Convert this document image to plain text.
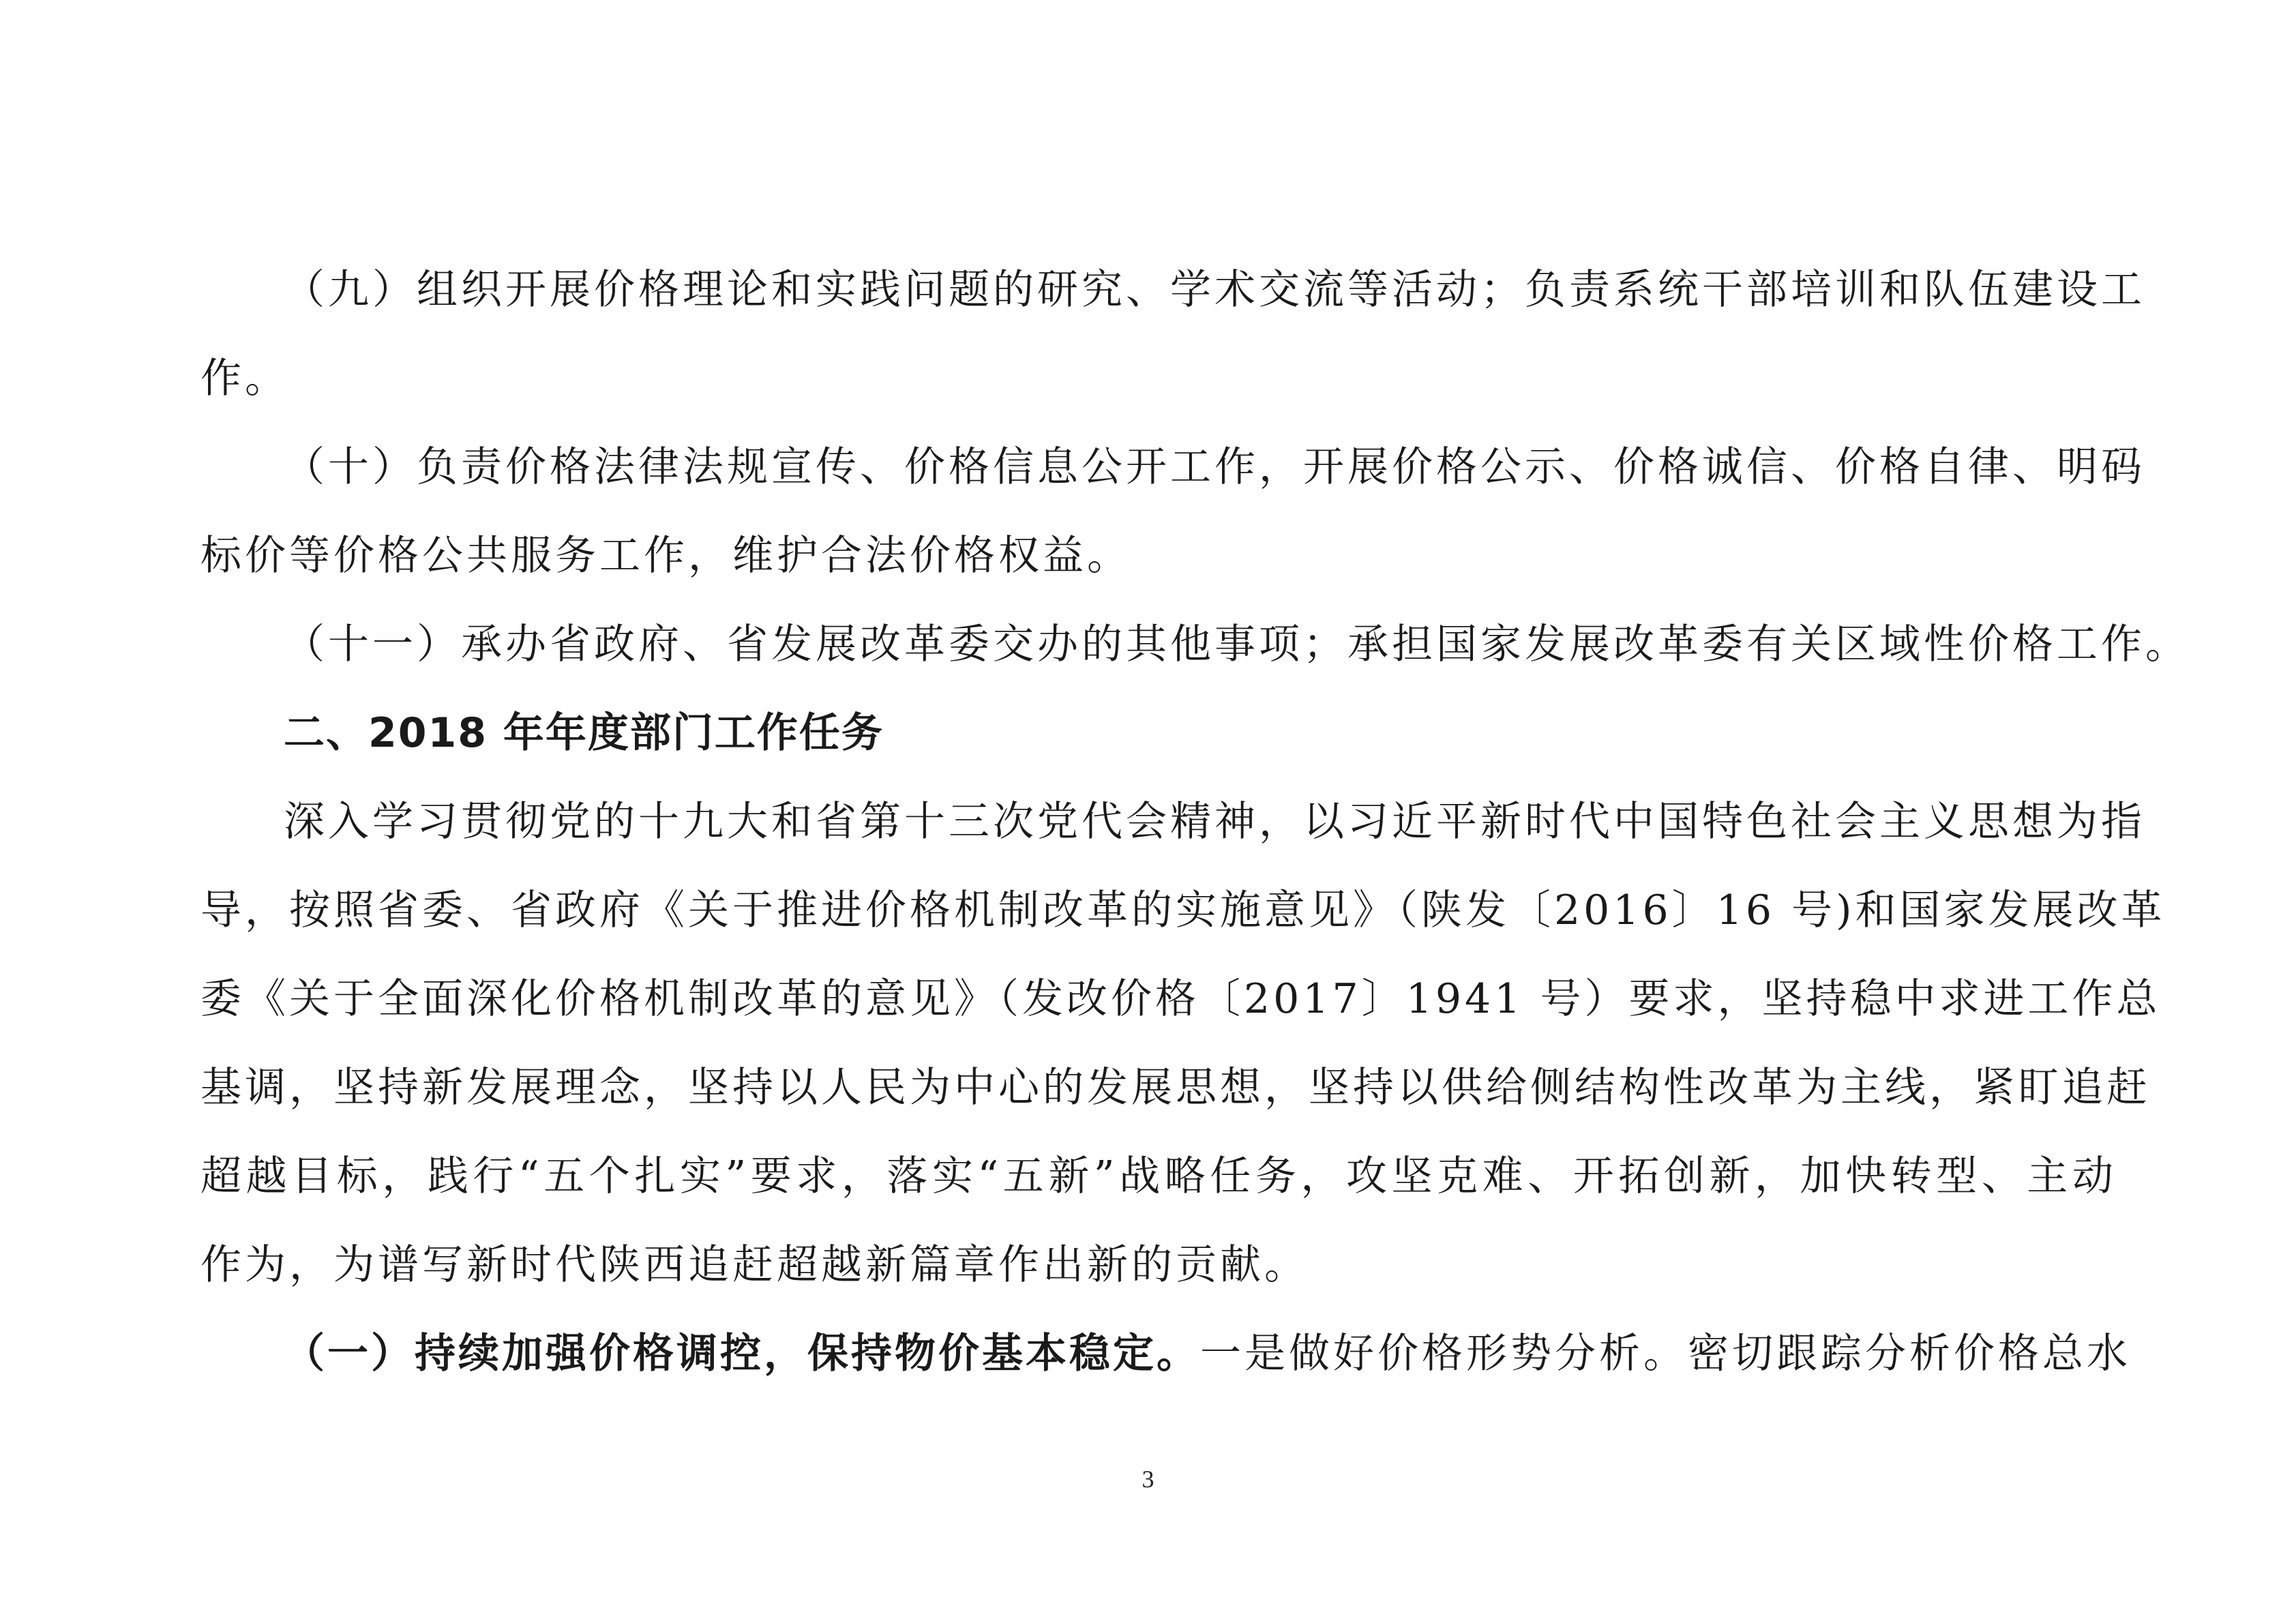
（九）组织开展价格理论和实践问题的研究、学术交流等活动；负责系统干部培训和队伍建设工
作。
（十）负责价格法律法规宣传、价格信息公开工作，开展价格公示、价格诚信、价格自律、明码
标价等价格公共服务工作，维护合法价格权益。
（十一）承办省政府、省发展改革委交办的其他事项；承担国家发展改革委有关区域性价格工作。
二、2018 年年度部门工作任务
深入学习贯彻党的十九大和省第十三次党代会精神，以习近平新时代中国特色社会主义思想为指
导，按照省委、省政府《关于推进价格机制改革的实施意见》（陕发〔2016〕16 号)和国家发展改革
委《关于全面深化价格机制改革的意见》（发改价格〔2017〕1941 号）要求，坚持稳中求进工作总
基调，坚持新发展理念，坚持以人民为中心的发展思想，坚持以供给侧结构性改革为主线，紧盯追赶
超越目标，践行“五个扎实”要求，落实“五新”战略任务，攻坚克难、开拓创新，加快转型、主动
作为，为谱写新时代陕西追赶超越新篇章作出新的贡献。
（一）持续加强价格调控，保持物价基本稳定。一是做好价格形势分析。密切跟踪分析价格总水
3
